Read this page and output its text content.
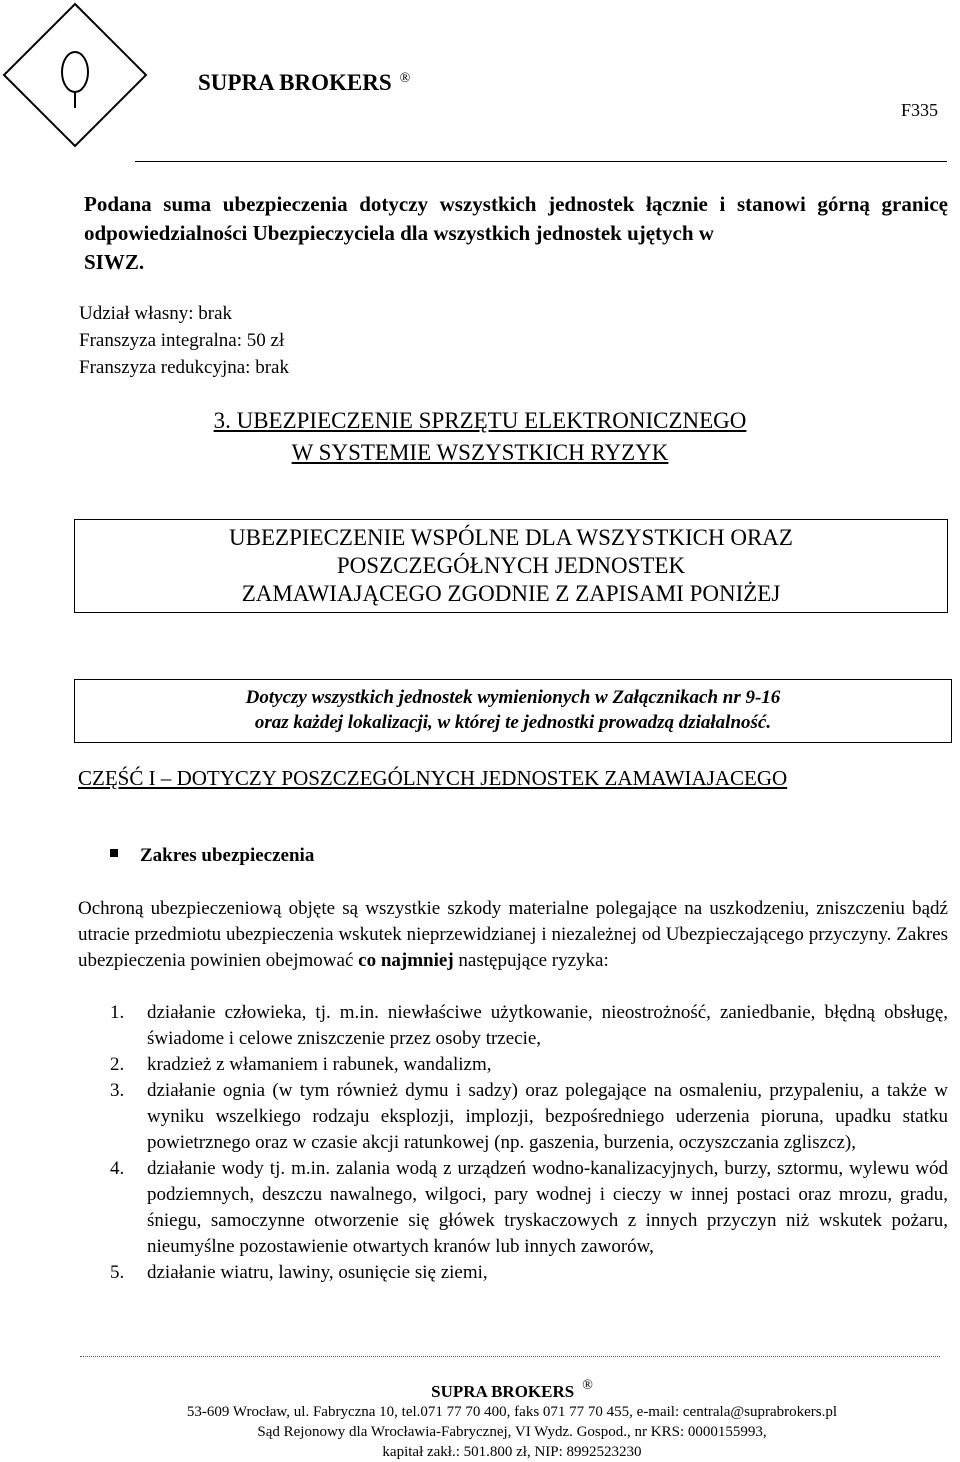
SUPRA BROKERS ®
F335
Podana suma ubezpieczenia dotyczy wszystkich jednostek łącznie i stanowi górną granicę odpowiedzialności Ubezpieczyciela dla wszystkich jednostek ujętych w
SIWZ.
Udział własny: brak
Franszyza integralna: 50 zł
Franszyza redukcyjna: brak
3. UBEZPIECZENIE SPRZĘTU ELEKTRONICZNEGO
W SYSTEMIE WSZYSTKICH RYZYK
UBEZPIECZENIE WSPÓLNE DLA WSZYSTKICH ORAZ
POSZCZEGÓŁNYCH JEDNOSTEK
ZAMAWIAJĄCEGO ZGODNIE Z ZAPISAMI PONIŻEJ
Dotyczy wszystkich jednostek wymienionych w Załącznikach nr 9-16
oraz każdej lokalizacji, w której te jednostki prowadzą działalność.
CZĘŚĆ I – DOTYCZY POSZCZEGÓLNYCH JEDNOSTEK ZAMAWIAJACEGO
Zakres ubezpieczenia
Ochroną ubezpieczeniową objęte są wszystkie szkody materialne polegające na uszkodzeniu, zniszczeniu bądź utracie przedmiotu ubezpieczenia wskutek nieprzewidzianej i niezależnej od Ubezpieczającego przyczyny. Zakres ubezpieczenia powinien obejmować co najmniej następujące ryzyka:
1. działanie człowieka, tj. m.in. niewłaściwe użytkowanie, nieostrożność, zaniedbanie, błędną obsługę, świadome i celowe zniszczenie przez osoby trzecie,
2. kradzież z włamaniem i rabunek, wandalizm,
3. działanie ognia (w tym również dymu i sadzy) oraz polegające na osmaleniu, przypaleniu, a także w wyniku wszelkiego rodzaju eksplozji, implozji, bezpośredniego uderzenia pioruna, upadku statku powietrznego oraz w czasie akcji ratunkowej (np. gaszenia, burzenia, oczyszczania zgliszcz),
4. działanie wody tj. m.in. zalania wodą z urządzeń wodno-kanalizacyjnych, burzy, sztormu, wylewu wód podziemnych, deszczu nawalnego, wilgoci, pary wodnej i cieczy w innej postaci oraz mrozu, gradu, śniegu, samoczynne otworzenie się główek tryskaczowych z innych przyczyn niż wskutek pożaru, nieumyślne pozostawienie otwartych kranów lub innych zaworów,
5. działanie wiatru, lawiny, osunięcie się ziemi,
SUPRA BROKERS ®
53-609 Wrocław, ul. Fabryczna 10, tel.071 77 70 400, faks 071 77 70 455, e-mail: centrala@suprabrokers.pl
Sąd Rejonowy dla Wrocławia-Fabrycznej, VI Wydz. Gospod., nr KRS: 0000155993,
kapitał zakł.: 501.800 zł, NIP: 8992523230
